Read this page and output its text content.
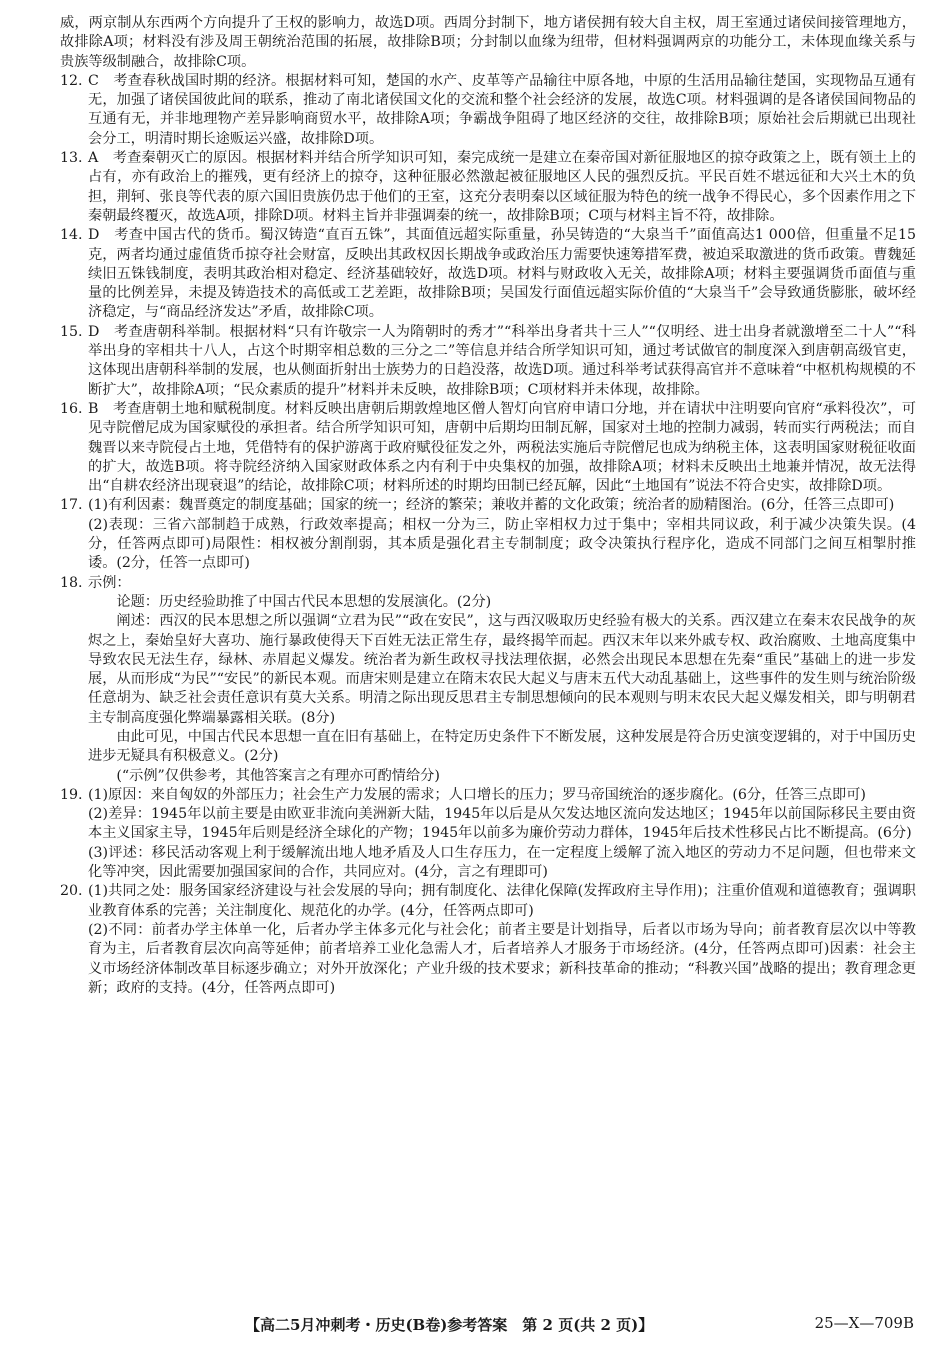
威，两京制从东西两个方向提升了王权的影响力，故选D项。西周分封制下，地方诸侯拥有较大自主权，周王室通过诸侯间接管理地方，故排除A项；材料没有涉及周王朝统治范围的拓展，故排除B项；分封制以血缘为纽带，但材料强调两京的功能分工，未体现血缘关系与贵族等级制融合，故排除C项。

12. C　考查春秋战国时期的经济。根据材料可知，楚国的水产、皮革等产品输往中原各地，中原的生活用品输往楚国，实现物品互通有无，加强了诸侯国彼此间的联系，推动了南北诸侯国文化的交流和整个社会经济的发展，故选C项。材料强调的是各诸侯国间物品的互通有无，并非地理物产差异影响商贸水平，故排除A项；争霸战争阻碍了地区经济的交往，故排除B项；原始社会后期就已出现社会分工，明清时期长途贩运兴盛，故排除D项。
13. A　考查秦朝灭亡的原因。根据材料并结合所学知识可知，秦完成统一是建立在秦帝国对新征服地区的掠夺政策之上，既有领土上的占有，亦有政治上的摧残，更有经济上的掠夺，这种征服必然激起被征服地区人民的强烈反抗。平民百姓不堪远征和大兴土木的负担，荆轲、张良等代表的原六国旧贵族仍忠于他们的王室，这充分表明秦以区域征服为特色的统一战争不得民心，多个因素作用之下秦朝最终覆灭，故选A项，排除D项。材料主旨并非强调秦的统一，故排除B项；C项与材料主旨不符，故排除。
14. D　考查中国古代的货币。蜀汉铸造“直百五铢”，其面值远超实际重量，孙吴铸造的“大泉当千”面值高达1 000倍，但重量不足15克，两者均通过虚值货币掠夺社会财富，反映出其政权因长期战争或政治压力需要快速筹措军费，被迫采取激进的货币政策。曹魏延续旧五铢钱制度，表明其政治相对稳定、经济基础较好，故选D项。材料与财政收入无关，故排除A项；材料主要强调货币面值与重量的比例差异，未提及铸造技术的高低或工艺差距，故排除B项；吴国发行面值远超实际价值的“大泉当千”会导致通货膨胀，破坏经济稳定，与“商品经济发达”矛盾，故排除C项。
15. D　考查唐朝科举制。根据材料“只有许敬宗一人为隋朝时的秀才”“科举出身者共十三人”“仅明经、进士出身者就激增至二十人”“科举出身的宰相共十八人，占这个时期宰相总数的三分之二”等信息并结合所学知识可知，通过考试做官的制度深入到唐朝高级官吏，这体现出唐朝科举制的发展，也从侧面折射出士族势力的日趋没落，故选D项。通过科举考试获得高官并不意味着“中枢机构规模的不断扩大”，故排除A项；“民众素质的提升”材料并未反映，故排除B项；C项材料并未体现，故排除。
16. B　考查唐朝土地和赋税制度。材料反映出唐朝后期敦煌地区僧人智灯向官府申请口分地，并在请状中注明要向官府“承料役次”，可见寺院僧尼成为国家赋役的承担者。结合所学知识可知，唐朝中后期均田制瓦解，国家对土地的控制力减弱，转而实行两税法；而自魏晋以来寺院侵占土地，凭借特有的保护游离于政府赋役征发之外，两税法实施后寺院僧尼也成为纳税主体，这表明国家财税征收面的扩大，故选B项。将寺院经济纳入国家财政体系之内有利于中央集权的加强，故排除A项；材料未反映出土地兼并情况，故无法得出“自耕农经济出现衰退”的结论，故排除C项；材料所述的时期均田制已经瓦解，因此“土地国有”说法不符合史实，故排除D项。
17. (1)有利因素：魏晋奠定的制度基础；国家的统一；经济的繁荣；兼收并蓄的文化政策；统治者的励精图治。(6分，任答三点即可)

(2)表现：三省六部制趋于成熟，行政效率提高；相权一分为三，防止宰相权力过于集中；宰相共同议政，利于减少决策失误。(4分，任答两点即可)局限性：相权被分割削弱，其本质是强化君主专制制度；政令决策执行程序化，造成不同部门之间互相掣肘推诿。(2分，任答一点即可)

18. 示例：

论题：历史经验助推了中国古代民本思想的发展演化。(2分)

阐述：西汉的民本思想之所以强调“立君为民”“政在安民”，这与西汉吸取历史经验有极大的关系。西汉建立在秦末农民战争的灰烬之上，秦始皇好大喜功、施行暴政使得天下百姓无法正常生存，最终揭竿而起。西汉末年以来外戚专权、政治腐败、土地高度集中导致农民无法生存，绿林、赤眉起义爆发。统治者为新生政权寻找法理依据，必然会出现民本思想在先秦“重民”基础上的进一步发展，从而形成“为民”“安民”的新民本观。而唐宋则是建立在隋末农民大起义与唐末五代大动乱基础上，这些事件的发生则与统治阶级任意胡为、缺乏社会责任意识有莫大关系。明清之际出现反思君主专制思想倾向的民本观则与明末农民大起义爆发相关，即与明朝君主专制高度强化弊端暴露相关联。(8分)

由此可见，中国古代民本思想一直在旧有基础上，在特定历史条件下不断发展，这种发展是符合历史演变逻辑的，对于中国历史进步无疑具有积极意义。(2分)

(“示例”仅供参考，其他答案言之有理亦可酌情给分)

19. (1)原因：来自匈奴的外部压力；社会生产力发展的需求；人口增长的压力；罗马帝国统治的逐步腐化。(6分，任答三点即可)

(2)差异：1945年以前主要是由欧亚非流向美洲新大陆，1945年以后是从欠发达地区流向发达地区；1945年以前国际移民主要由资本主义国家主导，1945年后则是经济全球化的产物；1945年以前多为廉价劳动力群体，1945年后技术性移民占比不断提高。(6分)

(3)评述：移民活动客观上利于缓解流出地人地矛盾及人口生存压力，在一定程度上缓解了流入地区的劳动力不足问题，但也带来文化等冲突，因此需要加强国家间的合作，共同应对。(4分，言之有理即可)

20. (1)共同之处：服务国家经济建设与社会发展的导向；拥有制度化、法律化保障(发挥政府主导作用)；注重价值观和道德教育；强调职业教育体系的完善；关注制度化、规范化的办学。(4分，任答两点即可)

(2)不同：前者办学主体单一化，后者办学主体多元化与社会化；前者主要是计划指导，后者以市场为导向；前者教育层次以中等教育为主，后者教育层次向高等延伸；前者培养工业化急需人才，后者培养人才服务于市场经济。(4分，任答两点即可)因素：社会主义市场经济体制改革目标逐步确立；对外开放深化；产业升级的技术要求；新科技革命的推动；“科教兴国”战略的提出；教育理念更新；政府的支持。(4分，任答两点即可)

【高二5月冲刺考・历史(B卷)参考答案　第 2 页(共 2 页)】	25—X—709B
